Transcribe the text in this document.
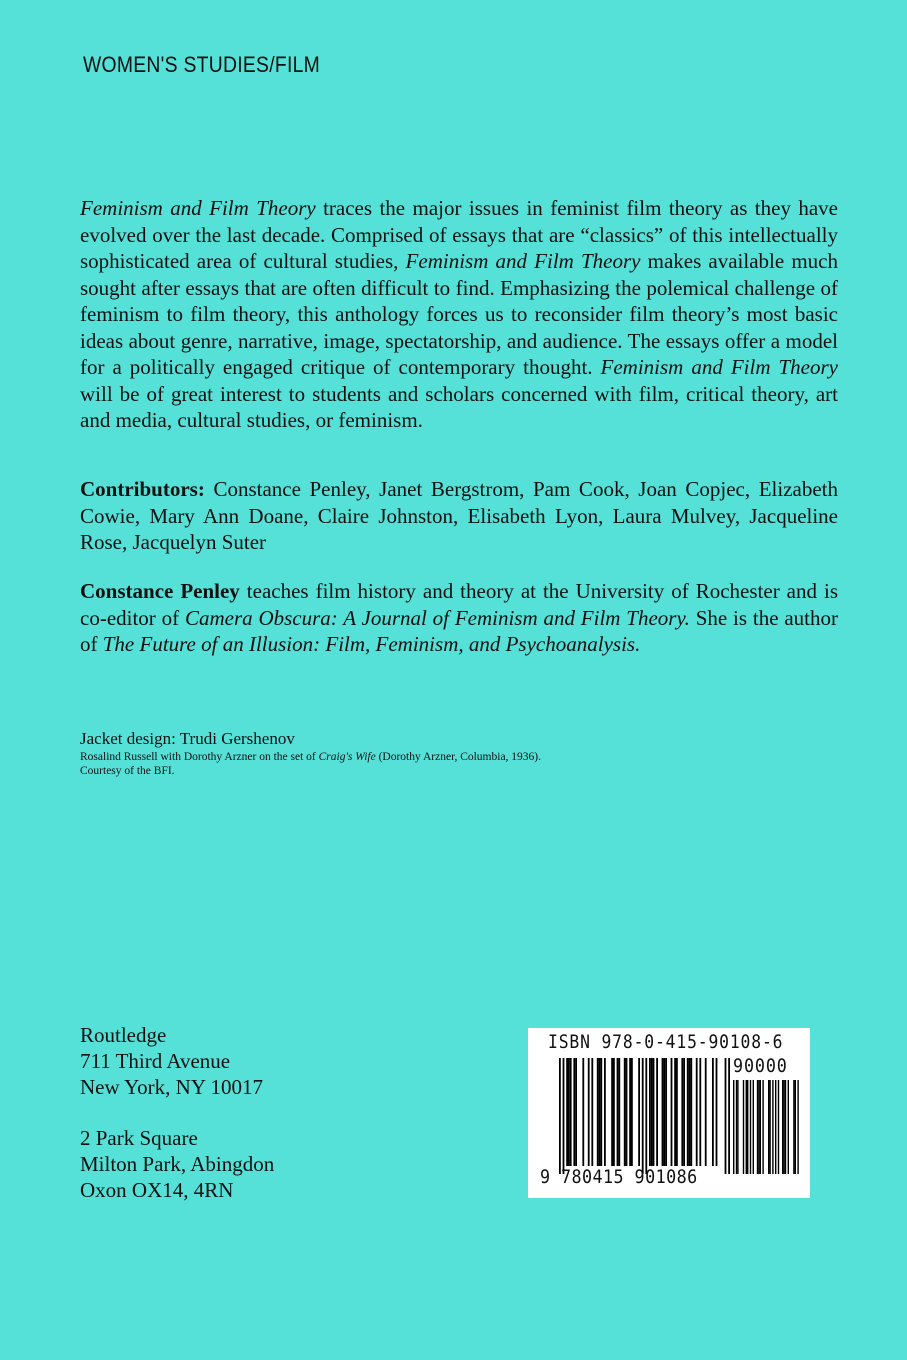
WOMEN'S STUDIES/FILM
Feminism and Film Theory traces the major issues in feminist film theory as they have evolved over the last decade. Comprised of essays that are “classics” of this intellectually sophisticated area of cultural studies, Feminism and Film Theory makes available much sought after essays that are often difficult to find. Emphasizing the polemical challenge of feminism to film theory, this anthology forces us to reconsider film theory’s most basic ideas about genre, narrative, image, spectatorship, and audience. The essays offer a model for a politically engaged critique of contemporary thought. Feminism and Film Theory will be of great interest to students and scholars concerned with film, critical theory, art and media, cultural studies, or feminism.
Contributors: Constance Penley, Janet Bergstrom, Pam Cook, Joan Copjec, Elizabeth Cowie, Mary Ann Doane, Claire Johnston, Elisabeth Lyon, Laura Mulvey, Jacqueline Rose, Jacquelyn Suter
Constance Penley teaches film history and theory at the University of Rochester and is co-editor of Camera Obscura: A Journal of Feminism and Film Theory. She is the author of The Future of an Illusion: Film, Feminism, and Psychoanalysis.
Jacket design: Trudi Gershenov
Rosalind Russell with Dorothy Arzner on the set of Craig's Wife (Dorothy Arzner, Columbia, 1936).
Courtesy of the BFI.
Routledge
711 Third Avenue
New York, NY 10017
2 Park Square
Milton Park, Abingdon
Oxon OX14, 4RN
ISBN 978-0-415-90108-6
90000
9 780415 901086
